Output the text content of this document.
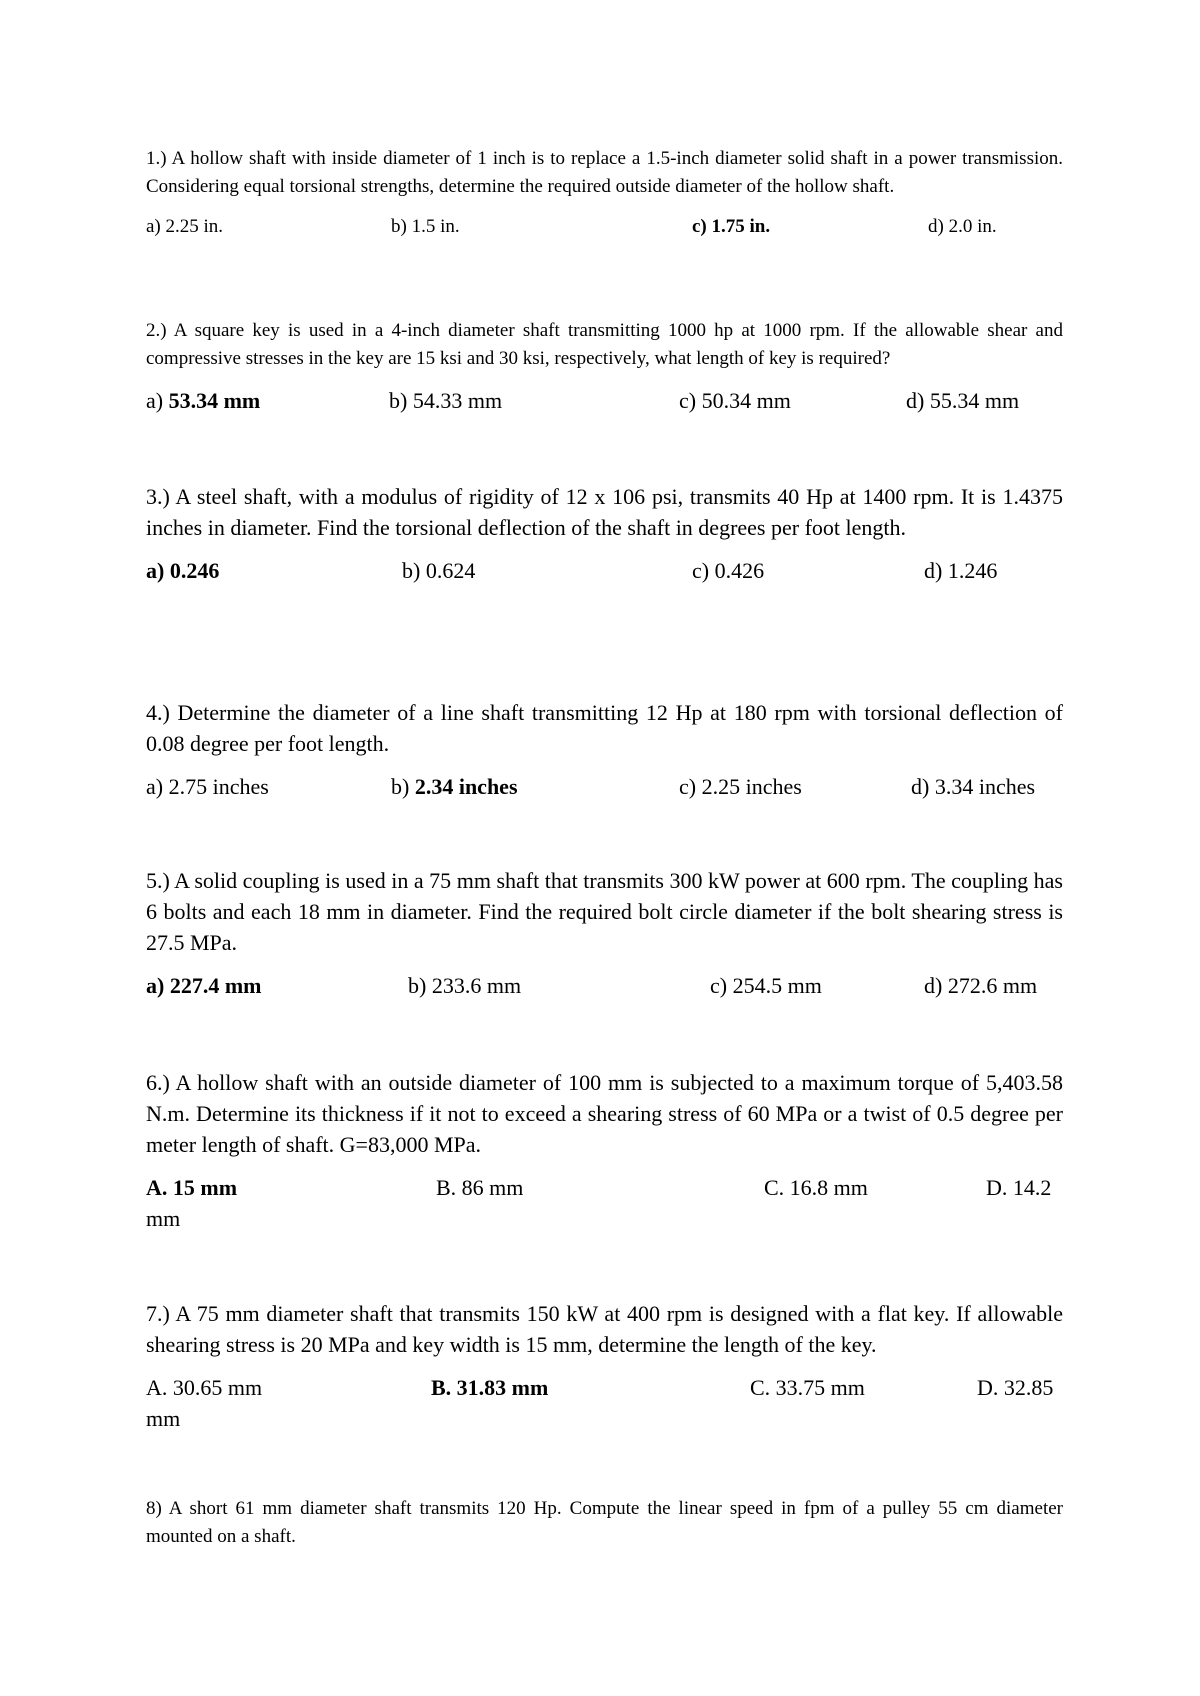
1.) A hollow shaft with inside diameter of 1 inch is to replace a 1.5-inch diameter solid shaft in a power transmission. Considering equal torsional strengths, determine the required outside diameter of the hollow shaft.

a) 2.25 in.	b) 1.5 in.	c) 1.75 in.	d) 2.0 in.

2.) A square key is used in a 4-inch diameter shaft transmitting 1000 hp at 1000 rpm. If the allowable shear and compressive stresses in the key are 15 ksi and 30 ksi, respectively, what length of key is required?

a) 53.34 mm	b) 54.33 mm	c) 50.34 mm	d) 55.34 mm

3.) A steel shaft, with a modulus of rigidity of 12 x 106 psi, transmits 40 Hp at 1400 rpm. It is 1.4375 inches in diameter. Find the torsional deflection of the shaft in degrees per foot length.

a) 0.246	b) 0.624	c) 0.426	d) 1.246

4.) Determine the diameter of a line shaft transmitting 12 Hp at 180 rpm with torsional deflection of 0.08 degree per foot length.

a) 2.75 inches	b) 2.34 inches	c) 2.25 inches	d) 3.34 inches

5.) A solid coupling is used in a 75 mm shaft that transmits 300 kW power at 600 rpm. The coupling has 6 bolts and each 18 mm in diameter. Find the required bolt circle diameter if the bolt shearing stress is 27.5 MPa.

a) 227.4 mm	b) 233.6 mm	c) 254.5 mm	d) 272.6 mm

6.) A hollow shaft with an outside diameter of 100 mm is subjected to a maximum torque of 5,403.58 N.m. Determine its thickness if it not to exceed a shearing stress of 60 MPa or a twist of 0.5 degree per meter length of shaft. G=83,000 MPa.

A. 15 mm	B. 86 mm	C. 16.8 mm	D. 14.2
mm

7.) A 75 mm diameter shaft that transmits 150 kW at 400 rpm is designed with a flat key. If allowable shearing stress is 20 MPa and key width is 15 mm, determine the length of the key.

A. 30.65 mm	B. 31.83 mm	C. 33.75 mm	D. 32.85
mm

8) A short 61 mm diameter shaft transmits 120 Hp. Compute the linear speed in fpm of a pulley 55 cm diameter mounted on a shaft.
